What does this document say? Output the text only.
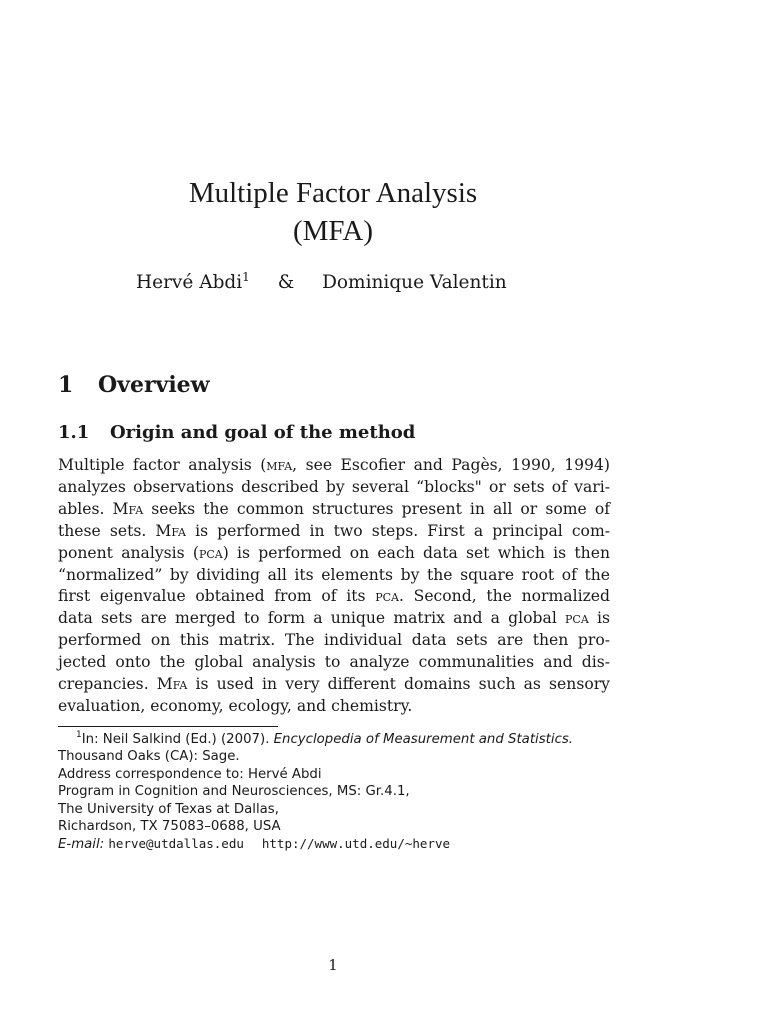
Multiple Factor Analysis
(MFA)
Hervé Abdi$^1$ & Dominique Valentin
1 Overview
1.1 Origin and goal of the method
Multiple factor analysis (mfa, see Escofier and Pagès, 1990, 1994)
analyzes observations described by several “blocks" or sets of vari-
ables. Mfa seeks the common structures present in all or some of
these sets. Mfa is performed in two steps. First a principal com-
ponent analysis (pca) is performed on each data set which is then
“normalized” by dividing all its elements by the square root of the
first eigenvalue obtained from of its pca. Second, the normalized
data sets are merged to form a unique matrix and a global pca is
performed on this matrix. The individual data sets are then pro-
jected onto the global analysis to analyze communalities and dis-
crepancies. Mfa is used in very different domains such as sensory
evaluation, economy, ecology, and chemistry.
$^1$In: Neil Salkind (Ed.) (2007). Encyclopedia of Measurement and Statistics.
Thousand Oaks (CA): Sage.
Address correspondence to: Hervé Abdi
Program in Cognition and Neurosciences, MS: Gr.4.1,
The University of Texas at Dallas,
Richardson, TX 75083–0688, USA
E-mail: herve@utdallas.edu http://www.utd.edu/~herve
1
